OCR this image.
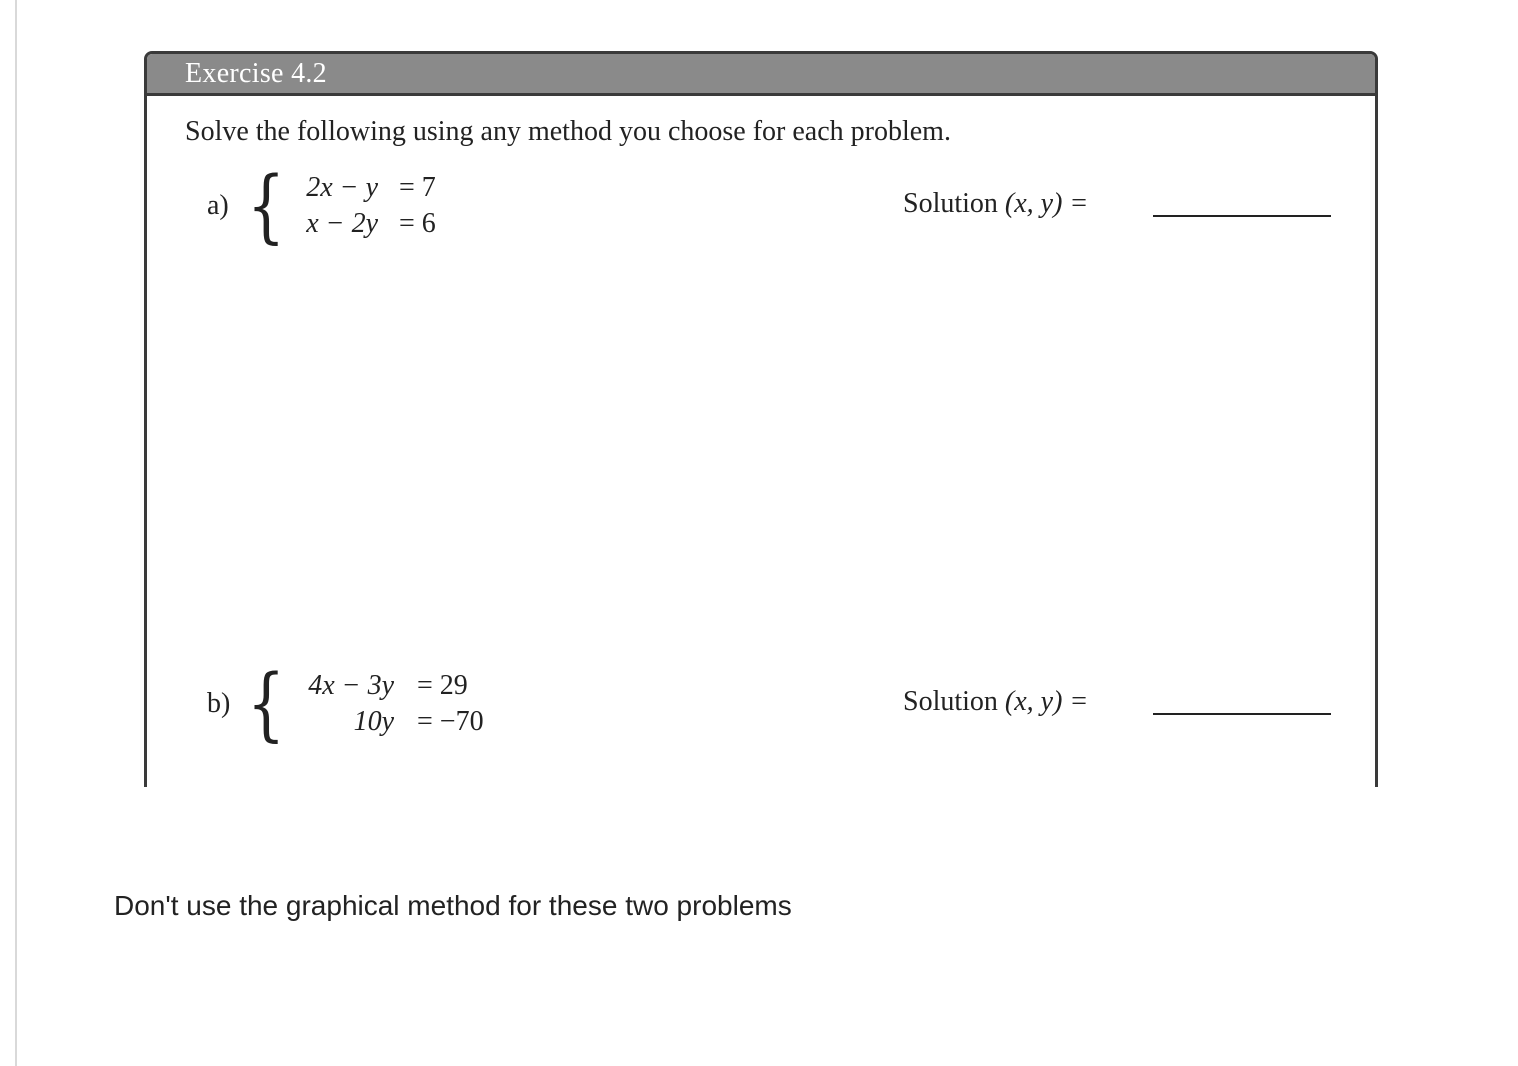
Exercise 4.2
Solve the following using any method you choose for each problem.
a) { 2x − y = 7
x − 2y = 6
Solution (x, y) =
b) { 4x − 3y = 29
10y = −70
Solution (x, y) =
Don't use the graphical method for these two problems
